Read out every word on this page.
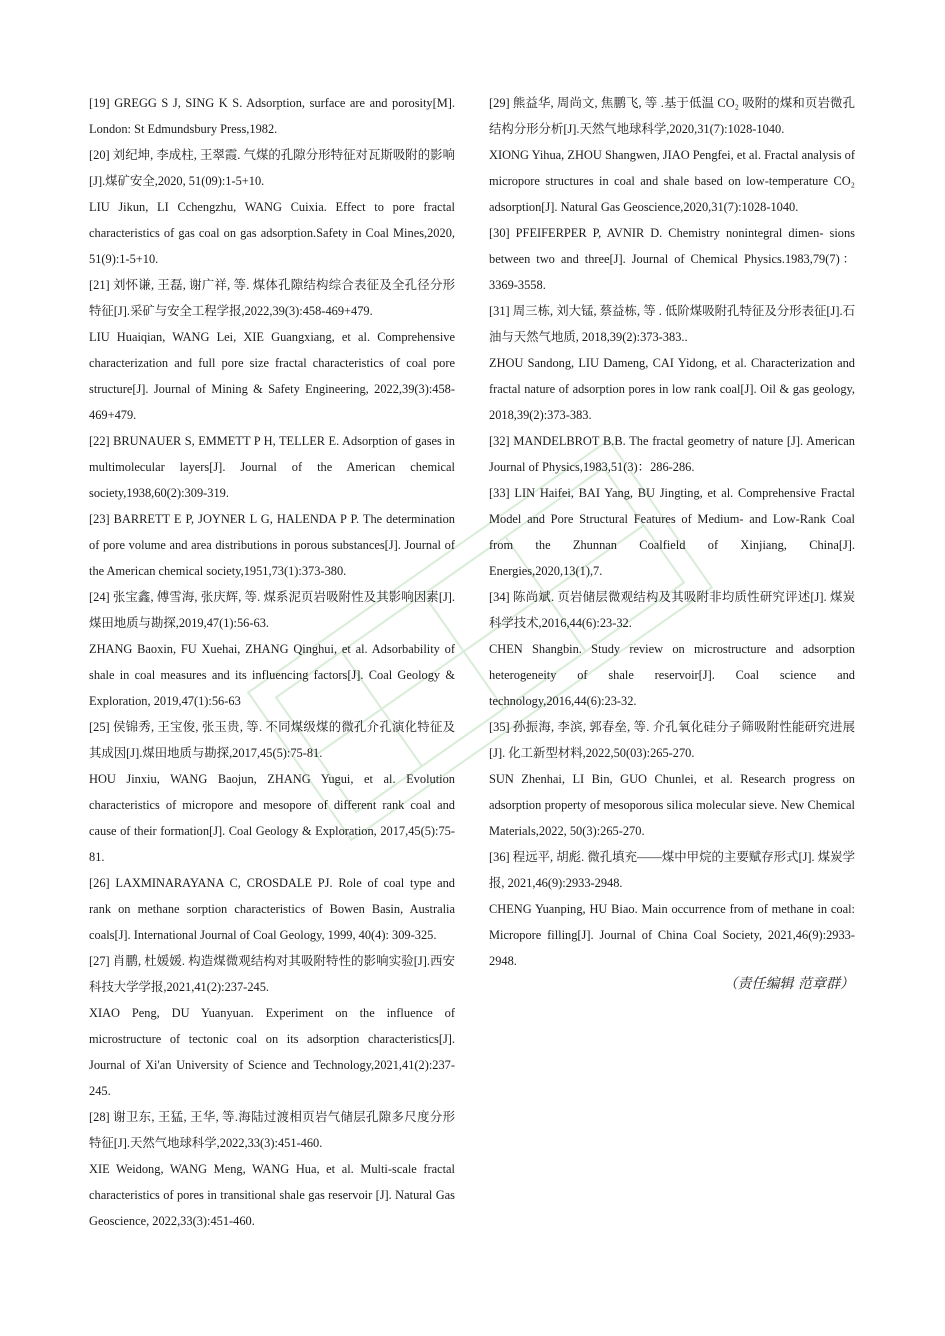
[19] GREGG S J, SING K S. Adsorption, surface are and porosity[M]. London: St Edmundsbury Press,1982.

[20] 刘纪坤, 李成柱, 王翠霞. 气煤的孔隙分形特征对瓦斯吸附的影响[J].煤矿安全,2020, 51(09):1-5+10.

LIU Jikun, LI Cchengzhu, WANG Cuixia. Effect to pore fractal characteristics of gas coal on gas adsorption.Safety in Coal Mines,2020, 51(9):1-5+10.

[21] 刘怀谦, 王磊, 谢广祥, 等. 煤体孔隙结构综合表征及全孔径分形特征[J].采矿与安全工程学报,2022,39(3):458-469+479.

LIU Huaiqian, WANG Lei, XIE Guangxiang, et al. Comprehensive characterization and full pore size fractal characteristics of coal pore structure[J]. Journal of Mining & Safety Engineering, 2022,39(3):458-469+479.

[22] BRUNAUER S, EMMETT P H, TELLER E. Adsorption of gases in multimolecular layers[J]. Journal of the American chemical society,1938,60(2):309-319.

[23] BARRETT E P, JOYNER L G, HALENDA P P. The determination of pore volume and area distributions in porous substances[J]. Journal of the American chemical society,1951,73(1):373-380.

[24] 张宝鑫, 傅雪海, 张庆辉, 等. 煤系泥页岩吸附性及其影响因素[J].煤田地质与勘探,2019,47(1):56-63.

ZHANG Baoxin, FU Xuehai, ZHANG Qinghui, et al. Adsorbability of shale in coal measures and its influencing factors[J]. Coal Geology & Exploration, 2019,47(1):56-63

[25] 侯锦秀, 王宝俊, 张玉贵, 等. 不同煤级煤的微孔介孔演化特征及其成因[J].煤田地质与勘探,2017,45(5):75-81.

HOU Jinxiu, WANG Baojun, ZHANG Yugui, et al. Evolution characteristics of micropore and mesopore of different rank coal and cause of their formation[J]. Coal Geology & Exploration, 2017,45(5):75-81.

[26] LAXMINARAYANA C, CROSDALE PJ. Role of coal type and rank on methane sorption characteristics of Bowen Basin, Australia coals[J]. International Journal of Coal Geology, 1999, 40(4): 309-325.

[27] 肖鹏, 杜媛媛. 构造煤微观结构对其吸附特性的影响实验[J].西安科技大学学报,2021,41(2):237-245.

XIAO Peng, DU Yuanyuan. Experiment on the influence of microstructure of tectonic coal on its adsorption characteristics[J]. Journal of Xi'an University of Science and Technology,2021,41(2):237-245.

[28] 谢卫东, 王猛, 王华, 等.海陆过渡相页岩气储层孔隙多尺度分形特征[J].天然气地球科学,2022,33(3):451-460.

XIE Weidong, WANG Meng, WANG Hua, et al. Multi-scale fractal characteristics of pores in transitional shale gas reservoir [J]. Natural Gas Geoscience, 2022,33(3):451-460.

[29] 熊益华, 周尚文, 焦鹏飞, 等 .基于低温 CO₂ 吸附的煤和页岩微孔结构分形分析[J].天然气地球科学,2020,31(7):1028-1040.

XIONG Yihua, ZHOU Shangwen, JIAO Pengfei, et al. Fractal analysis of micropore structures in coal and shale based on low-temperature CO₂ adsorption[J]. Natural Gas Geoscience,2020,31(7):1028-1040.

[30] PFEIFERPER P, AVNIR D. Chemistry nonintegral dimen‑ sions between two and three[J]. Journal of Chemical Physics.1983,79(7)：3369-3558.

[31] 周三栋, 刘大锰, 蔡益栋, 等 . 低阶煤吸附孔特征及分形表征[J].石油与天然气地质, 2018,39(2):373-383..

ZHOU Sandong, LIU Dameng, CAI Yidong, et al. Characterization and fractal nature of adsorption pores in low rank coal[J]. Oil & gas geology, 2018,39(2):373-383.

[32] MANDELBROT B.B. The fractal geometry of nature [J]. American Journal of Physics,1983,51(3)：286-286.

[33] LIN Haifei, BAI Yang, BU Jingting, et al. Comprehensive Fractal Model and Pore Structural Features of Medium- and Low-Rank Coal from the Zhunnan Coalfield of Xinjiang, China[J]. Energies,2020,13(1),7.

[34] 陈尚斌. 页岩储层微观结构及其吸附非均质性研究评述[J]. 煤炭科学技术,2016,44(6):23-32.

CHEN Shangbin. Study review on microstructure and adsorption heterogeneity of shale reservoir[J]. Coal science and technology,2016,44(6):23-32.

[35] 孙振海, 李滨, 郭春垒, 等. 介孔氧化硅分子筛吸附性能研究进展[J]. 化工新型材料,2022,50(03):265-270.

SUN Zhenhai, LI Bin, GUO Chunlei, et al. Research progress on adsorption property of mesoporous silica molecular sieve. New Chemical Materials,2022, 50(3):265-270.

[36] 程远平, 胡彪. 微孔填充——煤中甲烷的主要赋存形式[J]. 煤炭学报, 2021,46(9):2933-2948.

CHENG Yuanping, HU Biao. Main occurrence from of methane in coal: Micropore filling[J]. Journal of China Coal Society, 2021,46(9):2933-2948.

（责任编辑 范章群）
